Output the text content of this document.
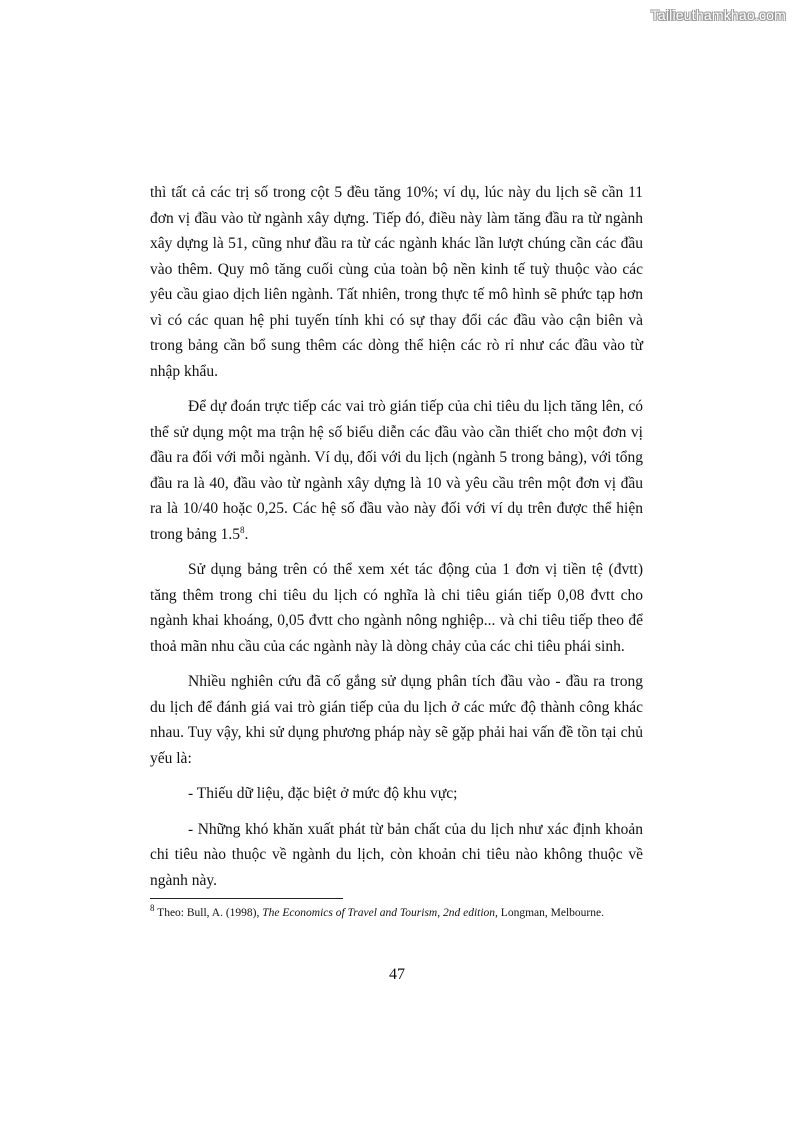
Tailieuthamkhao.com

thì tất cả các trị số trong cột 5 đều tăng 10%; ví dụ, lúc này du lịch sẽ cần 11 đơn vị đầu vào từ ngành xây dựng. Tiếp đó, điều này làm tăng đầu ra từ ngành xây dựng là 51, cũng như đầu ra từ các ngành khác lần lượt chúng cần các đầu vào thêm. Quy mô tăng cuối cùng của toàn bộ nền kinh tế tuỳ thuộc vào các yêu cầu giao dịch liên ngành. Tất nhiên, trong thực tế mô hình sẽ phức tạp hơn vì có các quan hệ phi tuyến tính khi có sự thay đổi các đầu vào cận biên và trong bảng cần bổ sung thêm các dòng thể hiện các rò rỉ như các đầu vào từ nhập khẩu.

Để dự đoán trực tiếp các vai trò gián tiếp của chi tiêu du lịch tăng lên, có thể sử dụng một ma trận hệ số biểu diễn các đầu vào cần thiết cho một đơn vị đầu ra đối với mỗi ngành. Ví dụ, đối với du lịch (ngành 5 trong bảng), với tổng đầu ra là 40, đầu vào từ ngành xây dựng là 10 và yêu cầu trên một đơn vị đầu ra là 10/40 hoặc 0,25. Các hệ số đầu vào này đối với ví dụ trên được thể hiện trong bảng $1.5^8$.

Sử dụng bảng trên có thể xem xét tác động của 1 đơn vị tiền tệ (đvtt) tăng thêm trong chi tiêu du lịch có nghĩa là chi tiêu gián tiếp 0,08 đvtt cho ngành khai khoáng, 0,05 đvtt cho ngành nông nghiệp... và chi tiêu tiếp theo để thoả mãn nhu cầu của các ngành này là dòng chảy của các chi tiêu phái sinh.

Nhiều nghiên cứu đã cố gắng sử dụng phân tích đầu vào - đầu ra trong du lịch để đánh giá vai trò gián tiếp của du lịch ở các mức độ thành công khác nhau. Tuy vậy, khi sử dụng phương pháp này sẽ gặp phải hai vấn đề tồn tại chủ yếu là:

- Thiếu dữ liệu, đặc biệt ở mức độ khu vực;

- Những khó khăn xuất phát từ bản chất của du lịch như xác định khoản chi tiêu nào thuộc về ngành du lịch, còn khoản chi tiêu nào không thuộc về ngành này.

$^8$ Theo: Bull, A. (1998), The Economics of Travel and Tourism, 2nd edition, Longman, Melbourne.
47
